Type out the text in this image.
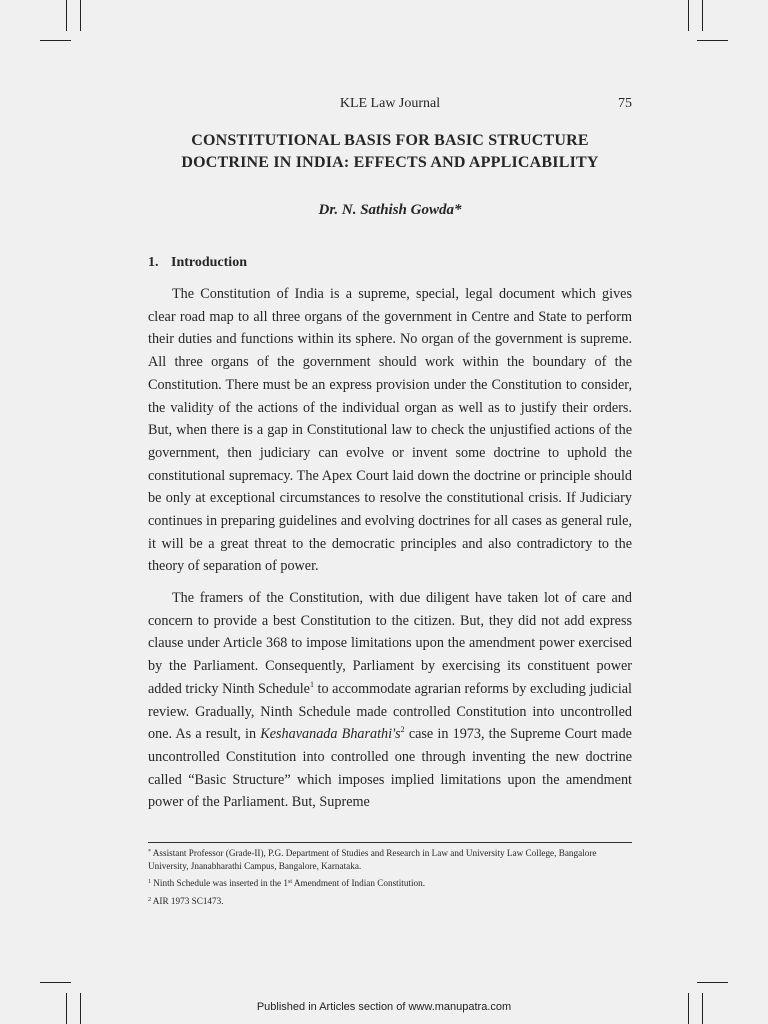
KLE Law Journal	75
CONSTITUTIONAL BASIS FOR BASIC STRUCTURE
DOCTRINE IN INDIA: EFFECTS AND APPLICABILITY
Dr. N. Sathish Gowda*
1. Introduction

The Constitution of India is a supreme, special, legal document which gives clear road map to all three organs of the government in Centre and State to perform their duties and functions within its sphere. No organ of the government is supreme. All three organs of the government should work within the boundary of the Constitution. There must be an express provision under the Constitution to consider, the validity of the actions of the individual organ as well as to justify their orders. But, when there is a gap in Constitutional law to check the unjustified actions of the government, then judiciary can evolve or invent some doctrine to uphold the constitutional supremacy. The Apex Court laid down the doctrine or principle should be only at exceptional circumstances to resolve the constitutional crisis. If Judiciary continues in preparing guidelines and evolving doctrines for all cases as general rule, it will be a great threat to the democratic principles and also contradictory to the theory of separation of power.

The framers of the Constitution, with due diligent have taken lot of care and concern to provide a best Constitution to the citizen. But, they did not add express clause under Article 368 to impose limitations upon the amendment power exercised by the Parliament. Consequently, Parliament by exercising its constituent power added tricky Ninth Schedule$^1$ to accommodate agrarian reforms by excluding judicial review. Gradually, Ninth Schedule made controlled Constitution into uncontrolled one. As a result, in Keshavanada $Bharathi's^2$ case in 1973, the Supreme Court made uncontrolled Constitution into controlled one through inventing the new doctrine called “Basic Structure” which imposes implied limitations upon the amendment power of the Parliament. But, Supreme

* Assistant Professor (Grade-II), P.G. Department of Studies and Research in Law and University Law College, Bangalore University, Jnanabharathi Campus, Bangalore, Karnataka.

$^1$ Ninth Schedule was inserted in the 1st Amendment of Indian Constitution.

$^2$ AIR 1973 SC1473.

Published in Articles section of www.manupatra.com
